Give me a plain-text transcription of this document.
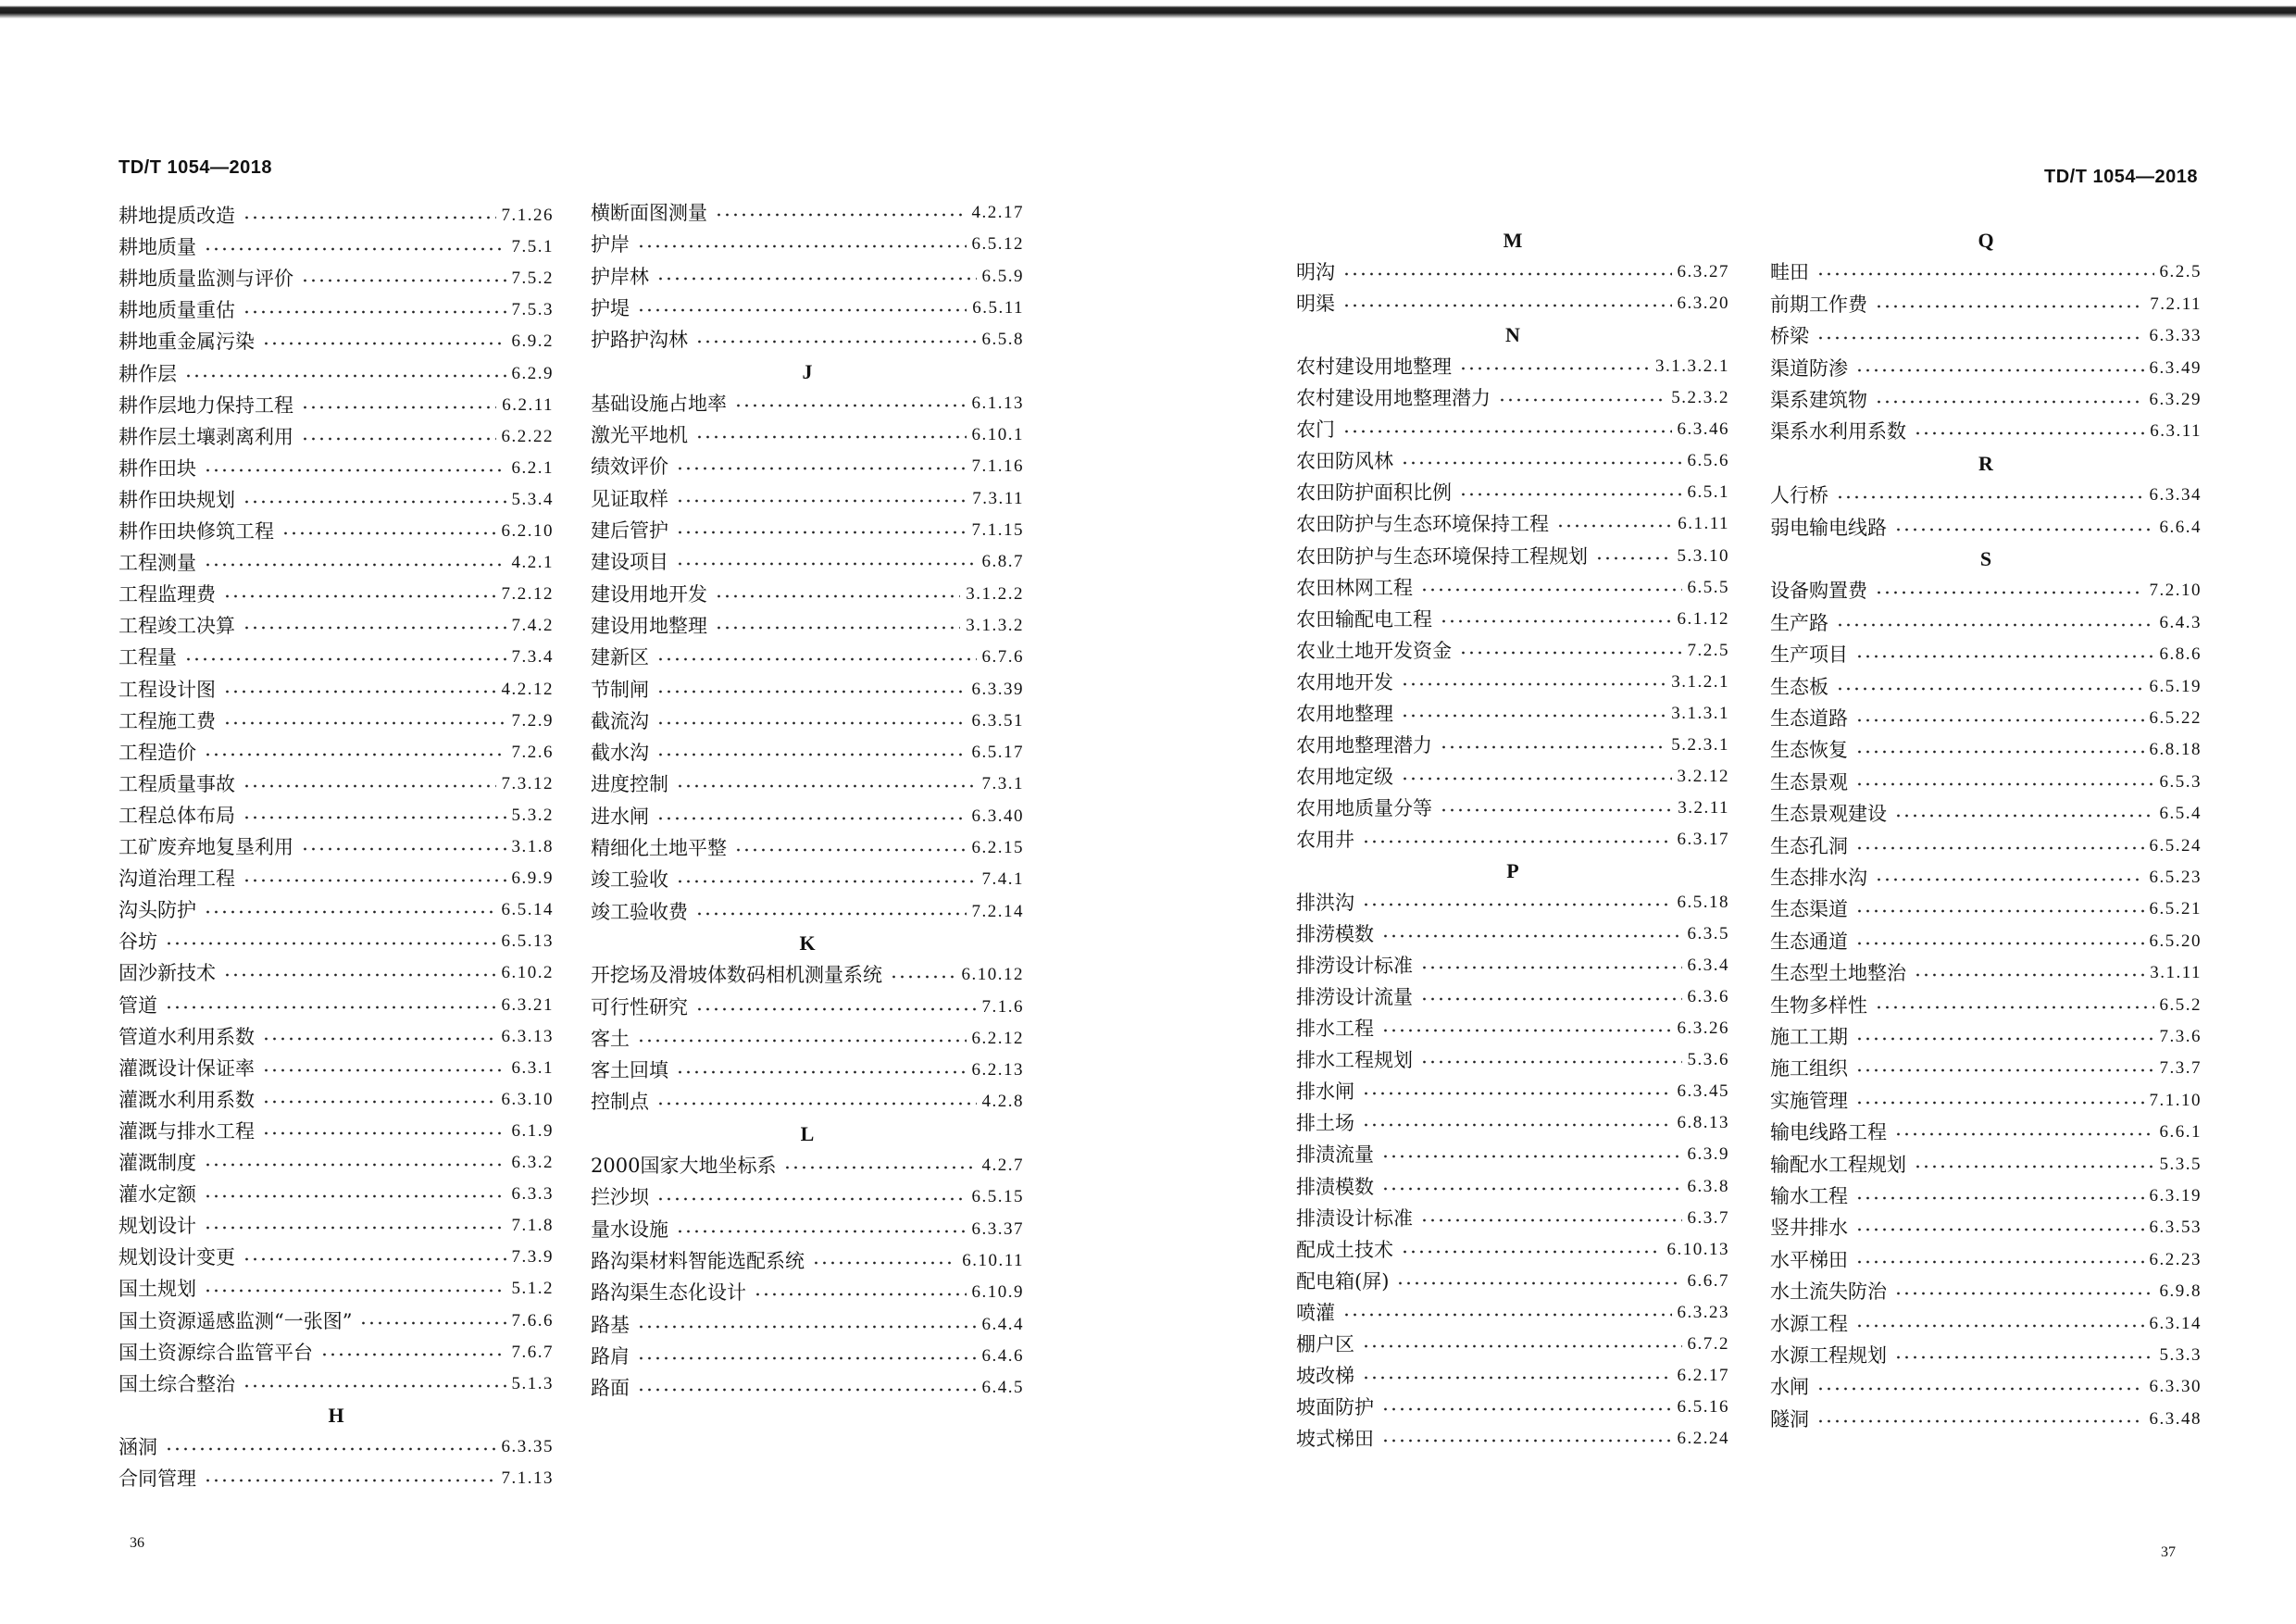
TD/T 1054—2018	TD/T 1054—2018
耕地提质改造	7.1.26
耕地质量	7.5.1
耕地质量监测与评价	7.5.2
耕地质量重估	7.5.3
耕地重金属污染	6.9.2
耕作层	6.2.9
耕作层地力保持工程	6.2.11
耕作层土壤剥离利用	6.2.22
耕作田块	6.2.1
耕作田块规划	5.3.4
耕作田块修筑工程	6.2.10
工程测量	4.2.1
工程监理费	7.2.12
工程竣工决算	7.4.2
工程量	7.3.4
工程设计图	4.2.12
工程施工费	7.2.9
工程造价	7.2.6
工程质量事故	7.3.12
工程总体布局	5.3.2
工矿废弃地复垦利用	3.1.8
沟道治理工程	6.9.9
沟头防护	6.5.14
谷坊	6.5.13
固沙新技术	6.10.2
管道	6.3.21
管道水利用系数	6.3.13
灌溉设计保证率	6.3.1
灌溉水利用系数	6.3.10
灌溉与排水工程	6.1.9
灌溉制度	6.3.2
灌水定额	6.3.3
规划设计	7.1.8
规划设计变更	7.3.9
国土规划	5.1.2
国土资源遥感监测“一张图”	7.6.6
国土资源综合监管平台	7.6.7
国土综合整治	5.1.3
H
涵洞	6.3.35
合同管理	7.1.13
横断面图测量	4.2.17
护岸	6.5.12
护岸林	6.5.9
护堤	6.5.11
护路护沟林	6.5.8
J
基础设施占地率	6.1.13
激光平地机	6.10.1
绩效评价	7.1.16
见证取样	7.3.11
建后管护	7.1.15
建设项目	6.8.7
建设用地开发	3.1.2.2
建设用地整理	3.1.3.2
建新区	6.7.6
节制闸	6.3.39
截流沟	6.3.51
截水沟	6.5.17
进度控制	7.3.1
进水闸	6.3.40
精细化土地平整	6.2.15
竣工验收	7.4.1
竣工验收费	7.2.14
K
开挖场及滑坡体数码相机测量系统	6.10.12
可行性研究	7.1.6
客土	6.2.12
客土回填	6.2.13
控制点	4.2.8
L
2000国家大地坐标系	4.2.7
拦沙坝	6.5.15
量水设施	6.3.37
路沟渠材料智能选配系统	6.10.11
路沟渠生态化设计	6.10.9
路基	6.4.4
路肩	6.4.6
路面	6.4.5
M
明沟	6.3.27
明渠	6.3.20
N
农村建设用地整理	3.1.3.2.1
农村建设用地整理潜力	5.2.3.2
农门	6.3.46
农田防风林	6.5.6
农田防护面积比例	6.5.1
农田防护与生态环境保持工程	6.1.11
农田防护与生态环境保持工程规划	5.3.10
农田林网工程	6.5.5
农田输配电工程	6.1.12
农业土地开发资金	7.2.5
农用地开发	3.1.2.1
农用地整理	3.1.3.1
农用地整理潜力	5.2.3.1
农用地定级	3.2.12
农用地质量分等	3.2.11
农用井	6.3.17
P
排洪沟	6.5.18
排涝模数	6.3.5
排涝设计标准	6.3.4
排涝设计流量	6.3.6
排水工程	6.3.26
排水工程规划	5.3.6
排水闸	6.3.45
排土场	6.8.13
排渍流量	6.3.9
排渍模数	6.3.8
排渍设计标准	6.3.7
配成土技术	6.10.13
配电箱(屏)	6.6.7
喷灌	6.3.23
棚户区	6.7.2
坡改梯	6.2.17
坡面防护	6.5.16
坡式梯田	6.2.24
Q
畦田	6.2.5
前期工作费	7.2.11
桥梁	6.3.33
渠道防渗	6.3.49
渠系建筑物	6.3.29
渠系水利用系数	6.3.11
R
人行桥	6.3.34
弱电输电线路	6.6.4
S
设备购置费	7.2.10
生产路	6.4.3
生产项目	6.8.6
生态板	6.5.19
生态道路	6.5.22
生态恢复	6.8.18
生态景观	6.5.3
生态景观建设	6.5.4
生态孔洞	6.5.24
生态排水沟	6.5.23
生态渠道	6.5.21
生态通道	6.5.20
生态型土地整治	3.1.11
生物多样性	6.5.2
施工工期	7.3.6
施工组织	7.3.7
实施管理	7.1.10
输电线路工程	6.6.1
输配水工程规划	5.3.5
输水工程	6.3.19
竖井排水	6.3.53
水平梯田	6.2.23
水土流失防治	6.9.8
水源工程	6.3.14
水源工程规划	5.3.3
水闸	6.3.30
隧洞	6.3.48
36
37
